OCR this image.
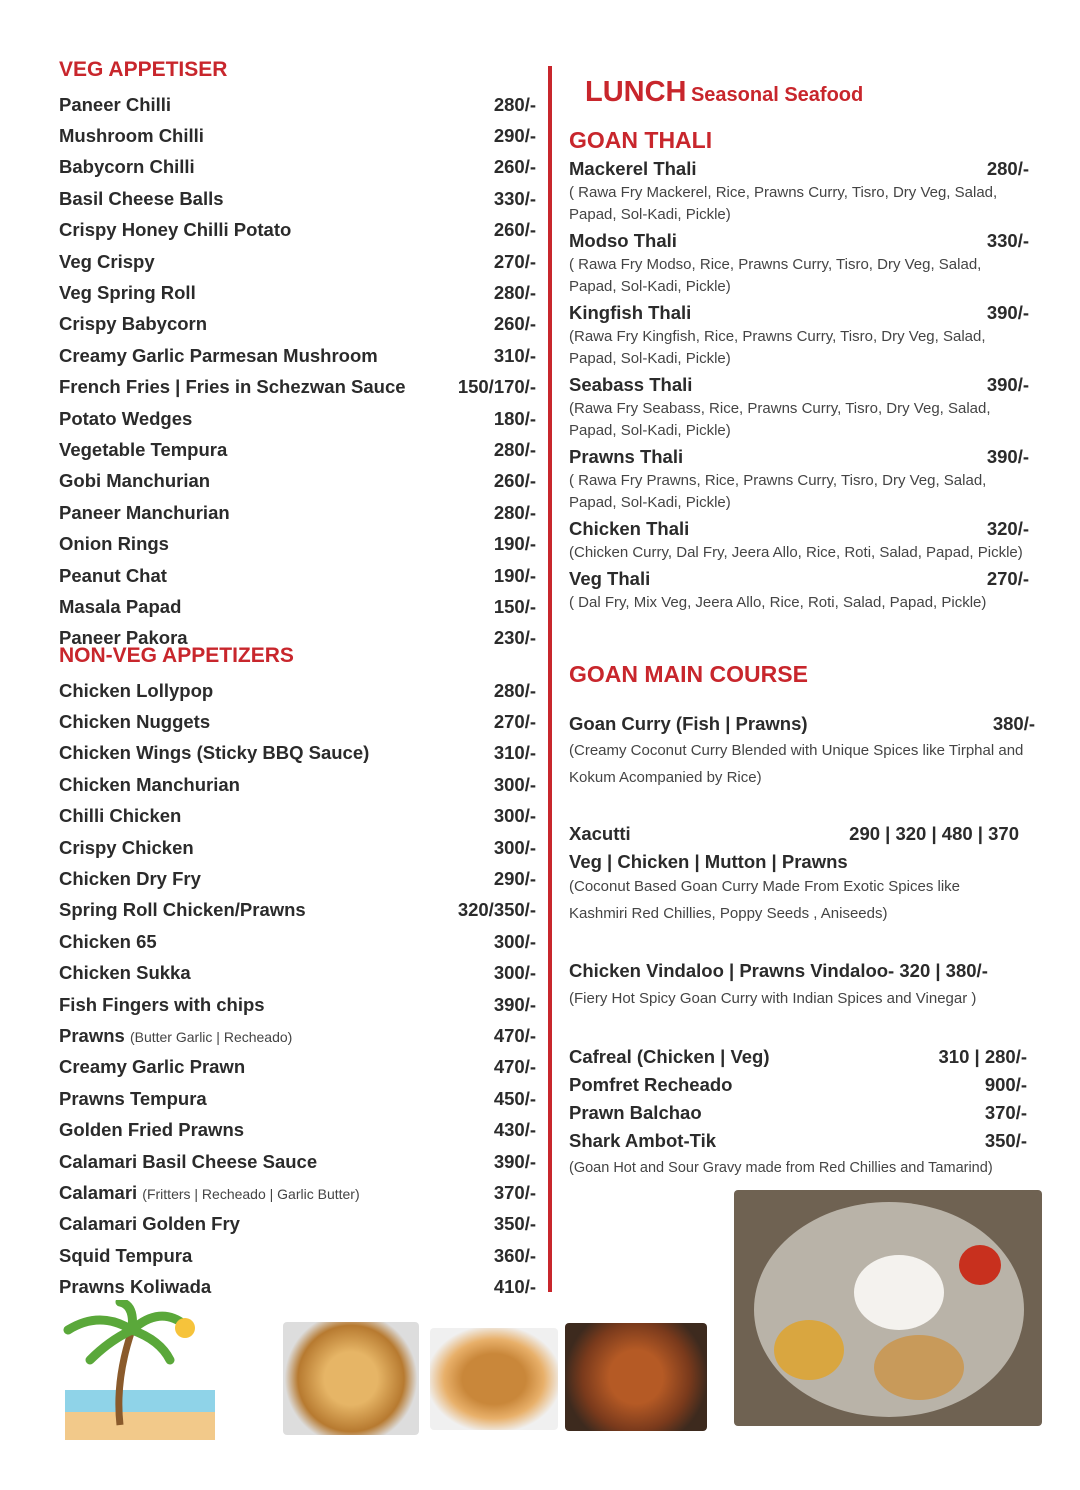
VEG APPETISER
Paneer Chilli	280/-
Mushroom Chilli	290/-
Babycorn Chilli	260/-
Basil Cheese Balls	330/-
Crispy Honey Chilli Potato	260/-
Veg Crispy	270/-
Veg Spring Roll	280/-
Crispy Babycorn	260/-
Creamy Garlic Parmesan Mushroom	310/-
French Fries | Fries in Schezwan Sauce	150/170/-
Potato Wedges	180/-
Vegetable Tempura	280/-
Gobi Manchurian	260/-
Paneer Manchurian	280/-
Onion Rings	190/-
Peanut Chat	190/-
Masala Papad	150/-
Paneer Pakora	230/-
NON-VEG APPETIZERS
Chicken Lollypop	280/-
Chicken Nuggets	270/-
Chicken Wings (Sticky BBQ Sauce)	310/-
Chicken Manchurian	300/-
Chilli Chicken	300/-
Crispy Chicken	300/-
Chicken Dry Fry	290/-
Spring Roll Chicken/Prawns	320/350/-
Chicken 65	300/-
Chicken Sukka	300/-
Fish Fingers with chips	390/-
Prawns (Butter Garlic | Recheado)	470/-
Creamy Garlic Prawn	470/-
Prawns Tempura	450/-
Golden Fried Prawns	430/-
Calamari Basil Cheese Sauce	390/-
Calamari (Fritters | Recheado | Garlic Butter)	370/-
Calamari Golden Fry	350/-
Squid Tempura	360/-
Prawns Koliwada	410/-
LUNCH Seasonal Seafood
GOAN THALI
Mackerel Thali	280/-
( Rawa Fry Mackerel, Rice, Prawns Curry, Tisro, Dry Veg, Salad, Papad, Sol-Kadi, Pickle)
Modso Thali	330/-
( Rawa Fry Modso, Rice, Prawns Curry, Tisro, Dry Veg, Salad, Papad, Sol-Kadi, Pickle)
Kingfish Thali	390/-
(Rawa Fry Kingfish, Rice, Prawns Curry, Tisro, Dry Veg, Salad, Papad, Sol-Kadi, Pickle)
Seabass Thali	390/-
(Rawa Fry Seabass, Rice, Prawns Curry, Tisro, Dry Veg, Salad, Papad, Sol-Kadi, Pickle)
Prawns Thali	390/-
( Rawa Fry Prawns, Rice, Prawns Curry, Tisro, Dry Veg, Salad, Papad, Sol-Kadi, Pickle)
Chicken Thali	320/-
(Chicken Curry, Dal Fry, Jeera Allo, Rice, Roti, Salad, Papad, Pickle)
Veg Thali	270/-
( Dal Fry, Mix Veg, Jeera Allo, Rice, Roti, Salad, Papad, Pickle)
GOAN MAIN COURSE
Goan Curry (Fish | Prawns)	380/-
(Creamy Coconut Curry Blended with Unique Spices like Tirphal and Kokum Acompanied by Rice)
Xacutti	290 | 320 | 480 | 370
Veg | Chicken | Mutton | Prawns
(Coconut Based Goan Curry Made From Exotic Spices like Kashmiri Red Chillies, Poppy Seeds , Aniseeds)
Chicken Vindaloo | Prawns Vindaloo- 320 | 380/-
(Fiery Hot Spicy Goan Curry with Indian Spices and Vinegar )
Cafreal (Chicken | Veg)	310 | 280/-
Pomfret Recheado	900/-
Prawn Balchao	370/-
Shark Ambot-Tik	350/-
(Goan Hot and Sour Gravy made from Red Chillies and Tamarind)
